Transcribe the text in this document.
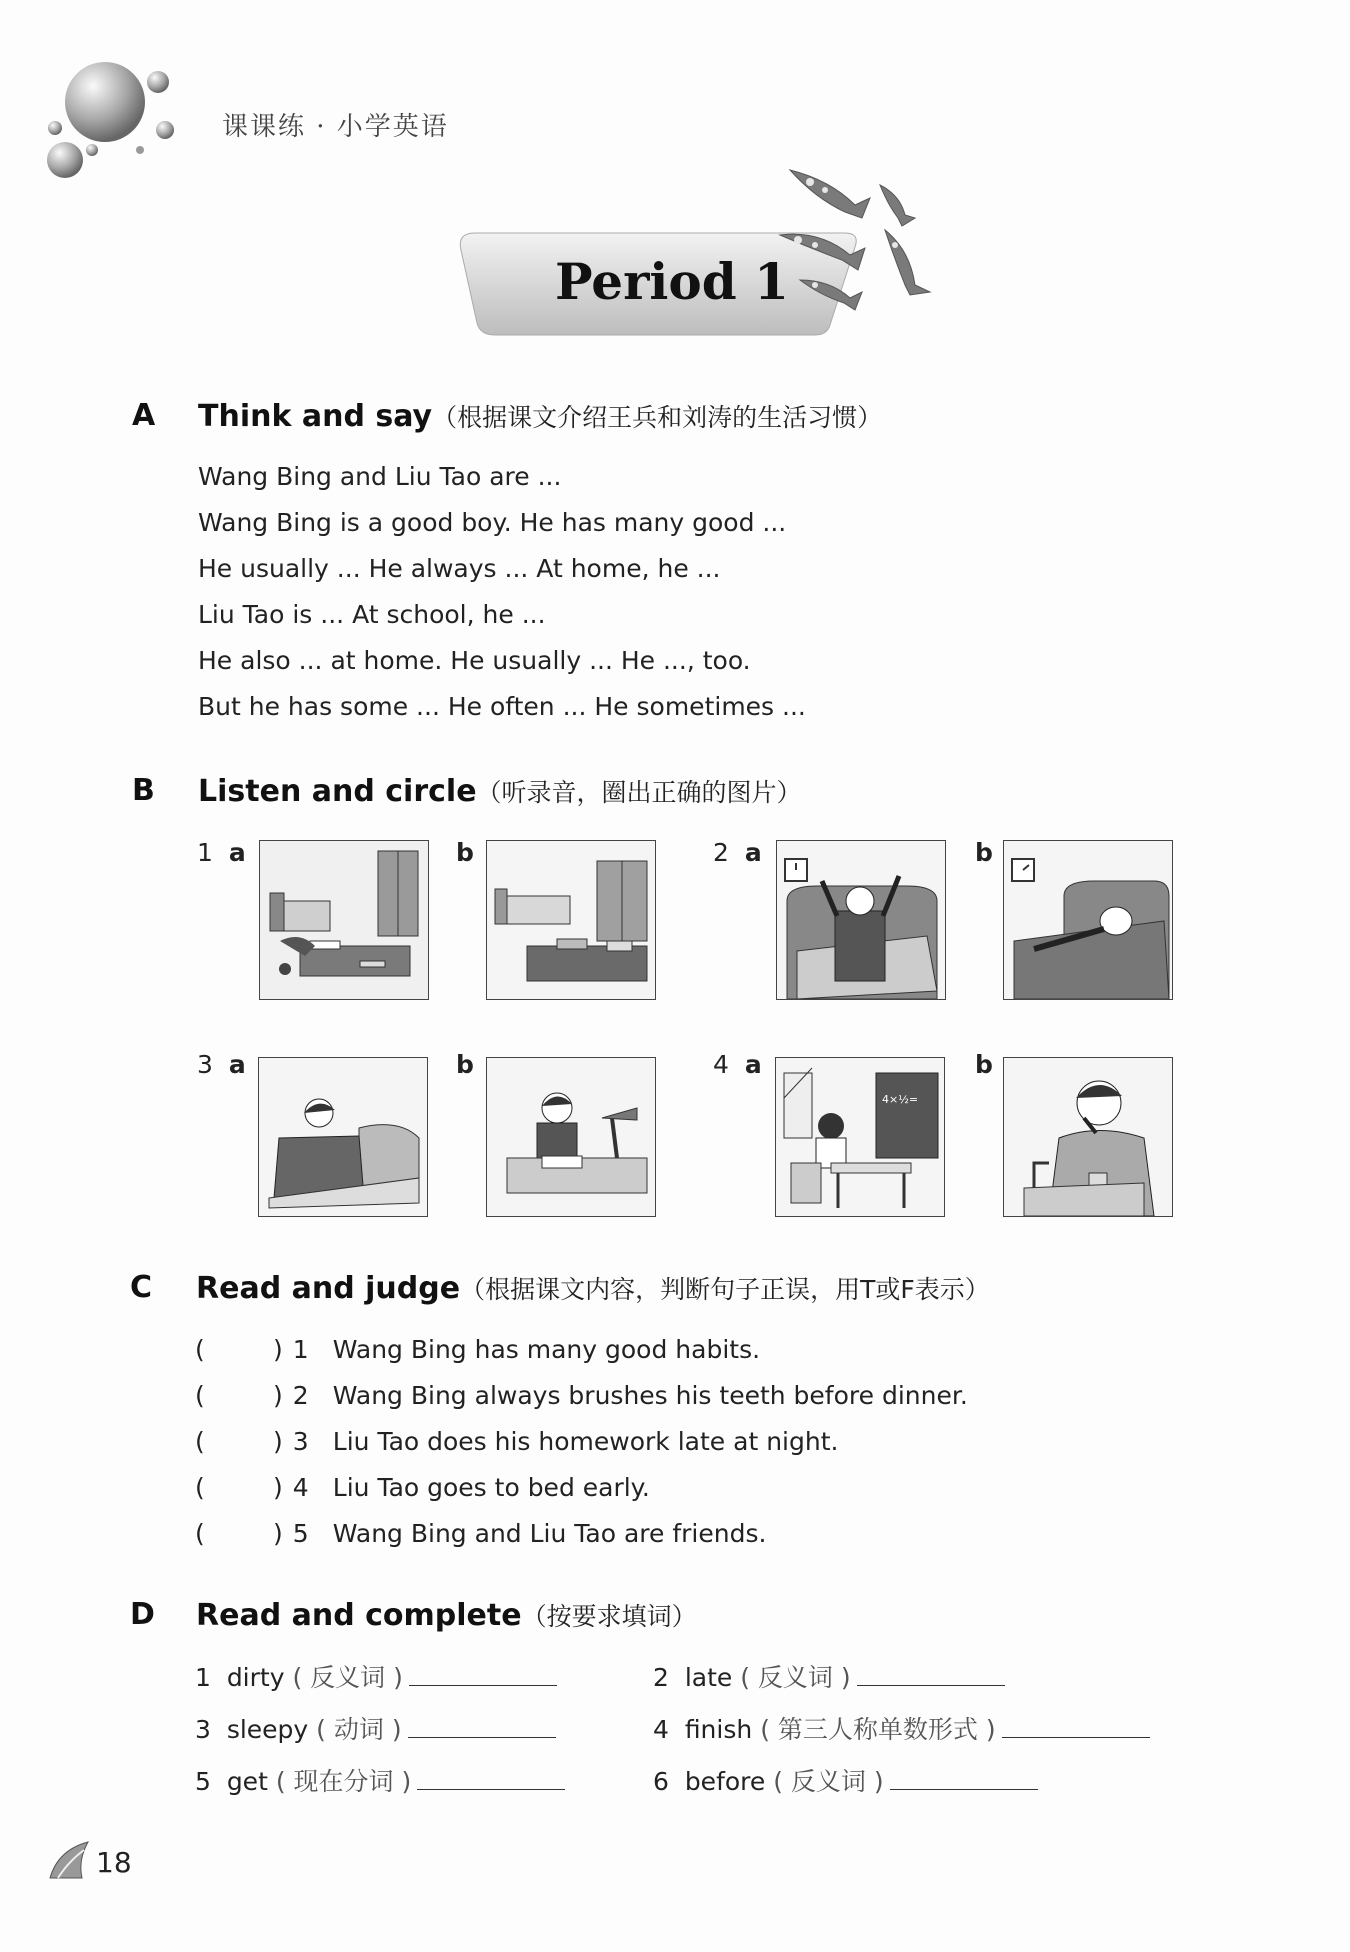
课课练 · 小学英语
Period 1
A Think and say（根据课文介绍王兵和刘涛的生活习惯）
Wang Bing and Liu Tao are ...
Wang Bing is a good boy. He has many good ...
He usually ... He always ... At home, he ...
Liu Tao is ... At school, he ...
He also ... at home. He usually ... He ..., too.
But he has some ... He often ... He sometimes ...
B Listen and circle（听录音，圈出正确的图片）
1 a	b	2 a	b
3 a	b	4 a	b
4×½=
C Read and judge（根据课文内容，判断句子正误，用T或F表示）
(	) 1 Wang Bing has many good habits.
(	) 2 Wang Bing always brushes his teeth before dinner.
(	) 3 Liu Tao does his homework late at night.
(	) 4 Liu Tao goes to bed early.
(	) 5 Wang Bing and Liu Tao are friends.
D Read and complete（按要求填词）
1 dirty ( 反义词 )	2 late ( 反义词 )
3 sleepy ( 动词 )	4 finish ( 第三人称单数形式 )
5 get ( 现在分词 )	6 before ( 反义词 )
18
